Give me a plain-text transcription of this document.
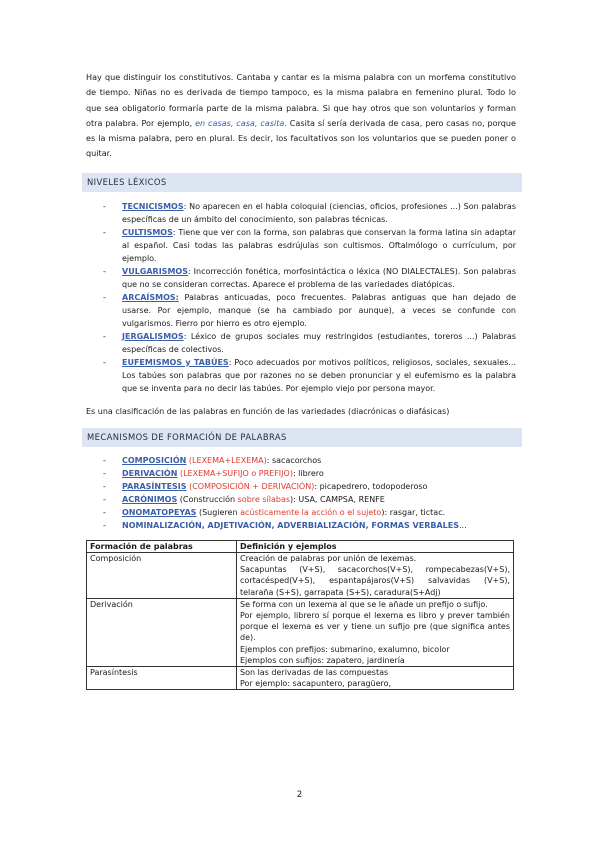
Hay que distinguir los constitutivos. Cantaba y cantar es la misma palabra con un morfema constitutivo de tiempo. Niñas no es derivada de tiempo tampoco, es la misma palabra en femenino plural. Todo lo que sea obligatorio formaría parte de la misma palabra. Si que hay otros que son voluntarios y forman otra palabra. Por ejemplo, en casas, casa, casita. Casita sí sería derivada de casa, pero casas no, porque es la misma palabra, pero en plural. Es decir, los facultativos son los voluntarios que se pueden poner o quitar.

NIVELES LÉXICOS
- TECNICISMOS: No aparecen en el habla coloquial (ciencias, oficios, profesiones ...) Son palabras específicas de un ámbito del conocimiento, son palabras técnicas.
- CULTISMOS: Tiene que ver con la forma, son palabras que conservan la forma latina sin adaptar al español. Casi todas las palabras esdrújulas son cultismos. Oftalmólogo o currículum, por ejemplo.
- VULGARISMOS: Incorrección fonética, morfosintáctica o léxica (NO DIALECTALES). Son palabras que no se consideran correctas. Aparece el problema de las variedades diatópicas.
- ARCAÍSMOS: Palabras anticuadas, poco frecuentes. Palabras antiguas que han dejado de usarse. Por ejemplo, manque (se ha cambiado por aunque), a veces se confunde con vulgarismos. Fierro por hierro es otro ejemplo.
- JERGALISMOS: Léxico de grupos sociales muy restringidos (estudiantes, toreros ...) Palabras específicas de colectivos.
- EUFEMISMOS y TABÚES: Poco adecuados por motivos políticos, religiosos, sociales, sexuales... Los tabúes son palabras que por razones no se deben pronunciar y el eufemismo es la palabra que se inventa para no decir las tabúes. Por ejemplo viejo por persona mayor.

Es una clasificación de las palabras en función de las variedades (diacrónicas o diafásicas)

MECANISMOS DE FORMACIÓN DE PALABRAS
- COMPOSICIÓN (LEXEMA+LEXEMA): sacacorchos
- DERIVACIÓN (LEXEMA+SUFIJO o PREFIJO): librero
- PARASÍNTESIS (COMPOSICIÓN + DERIVACIÓN): picapedrero, todopoderoso
- ACRÓNIMOS (Construcción sobre sílabas): USA, CAMPSA, RENFE
- ONOMATOPEYAS (Sugieren acústicamente la acción o el sujeto): rasgar, tictac.
- NOMINALIZACIÓN, ADJETIVACIÓN, ADVERBIALIZACIÓN, FORMAS VERBALES...
Formación de palabras	Definición y ejemplos
Composición	Creación de palabras por unión de lexemas.
Sacapuntas (V+S), sacacorchos(V+S), rompecabezas(V+S), cortacésped(V+S), espantapájaros(V+S) salvavidas (V+S), telaraña (S+S), garrapata (S+S), caradura(S+Adj)

Derivación	Se forma con un lexema al que se le añade un prefijo o sufijo.
Por ejemplo, librero sí porque el lexema es libro y prever también porque el lexema es ver y tiene un sufijo pre (que significa antes de).
Ejemplos con prefijos: submarino, exalumno, bicolor
Ejemplos con sufijos: zapatero, jardinería

Parasíntesis	Son las derivadas de las compuestas
Por ejemplo: sacapuntero, paragüero,
2
